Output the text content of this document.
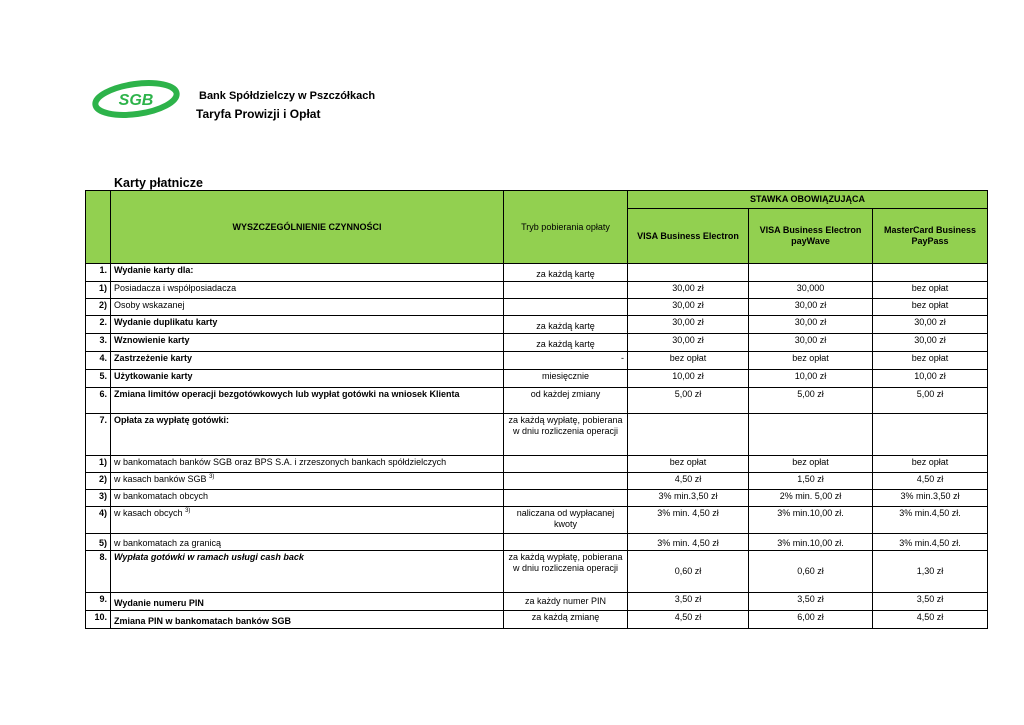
SGB	Bank Spółdzielczy w Pszczółkach
Taryfa Prowizji i Opłat
Karty płatnicze
	WYSZCZEGÓLNIENIE CZYNNOŚCI	Tryb pobierania opłaty	STAWKA OBOWIĄZUJĄCA		
			VISA Business Electron	VISA Business Electron payWave	MasterCard Business PayPass
1.	Wydanie karty dla:	za każdą kartę			
1)	Posiadacza i współposiadacza		30,00 zł	30,000	bez opłat
2)	Osoby wskazanej		30,00 zł	30,00 zł	bez opłat
2.	Wydanie duplikatu karty	za każdą kartę	30,00 zł	30,00 zł	30,00 zł
3.	Wznowienie karty	za każdą kartę	30,00 zł	30,00 zł	30,00 zł
4.	Zastrzeżenie karty	-	bez opłat	bez opłat	bez opłat
5.	Użytkowanie karty	miesięcznie	10,00 zł	10,00 zł	10,00 zł
6.	Zmiana limitów operacji bezgotówkowych lub wypłat gotówki na wniosek Klienta	od każdej zmiany	5,00 zł	5,00 zł	5,00 zł
7.	Opłata za wypłatę gotówki:	za każdą wypłatę, pobierana w dniu rozliczenia operacji			
1)	w bankomatach banków SGB oraz BPS S.A. i zrzeszonych bankach spółdzielczych		bez opłat	bez opłat	bez opłat
2)	w kasach banków SGB $^{3)}$		4,50 zł	1,50 zł	4,50 zł
3)	w bankomatach obcych		3% min.3,50 zł	2% min. 5,00 zł	3% min.3,50 zł
4)	w kasach obcych $^{3)}$	naliczana od wypłacanej kwoty	3% min. 4,50 zł	3% min.10,00 zł.	3% min.4,50 zł.
5)	w bankomatach za granicą		3% min. 4,50 zł	3% min.10,00 zł.	3% min.4,50 zł.
8.	Wypłata gotówki w ramach usługi cash back	za każdą wypłatę, pobierana w dniu rozliczenia operacji	0,60 zł	0,60 zł	1,30 zł
9.	Wydanie numeru PIN	za każdy numer PIN	3,50 zł	3,50 zł	3,50 zł
10.	Zmiana PIN w bankomatach banków SGB	za każdą zmianę	4,50 zł	6,00 zł	4,50 zł
